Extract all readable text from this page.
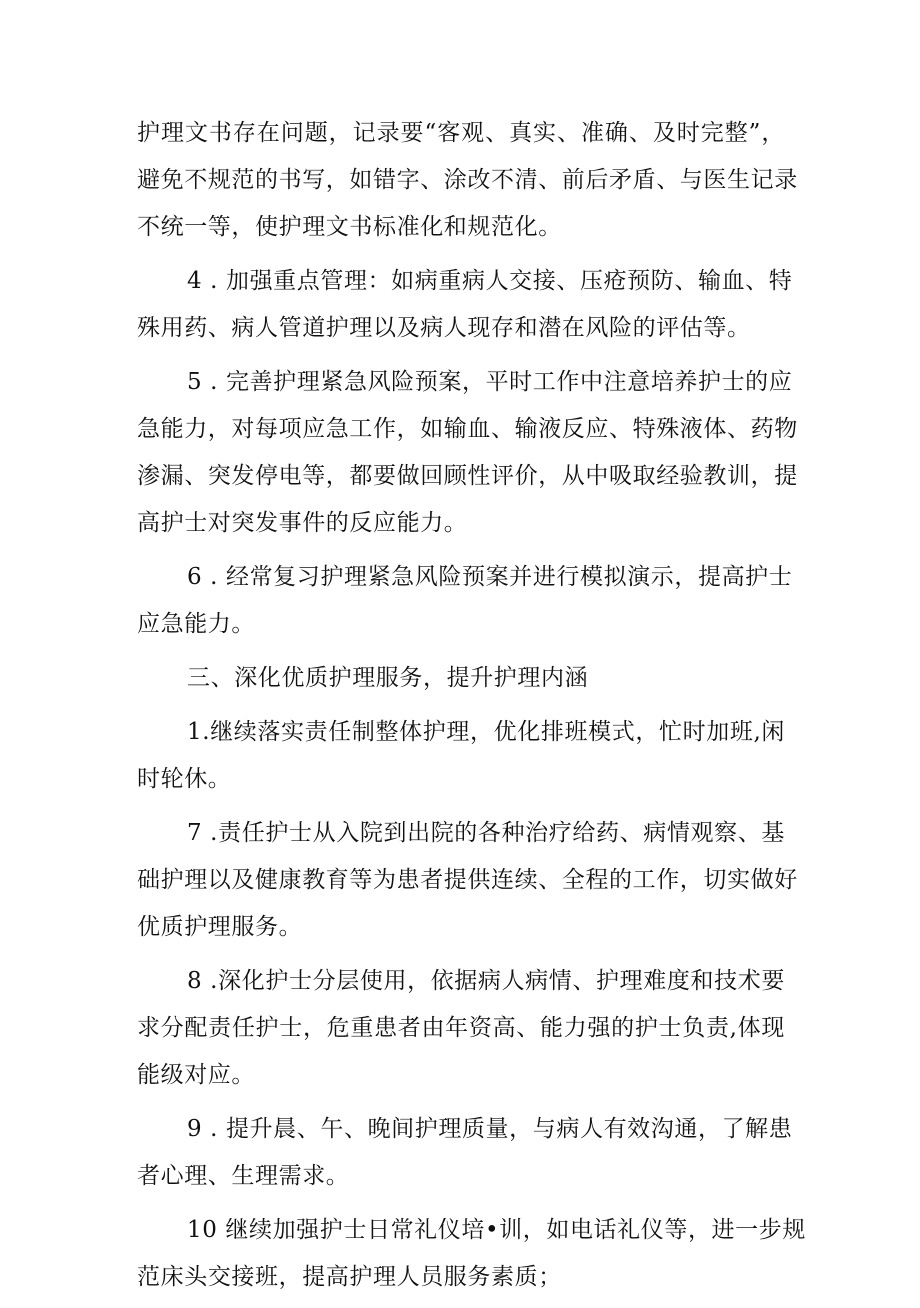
护理文书存在问题，记录要“客观、真实、准确、及时完整”，
避免不规范的书写，如错字、涂改不清、前后矛盾、与医生记录
不统一等，使护理文书标准化和规范化。
4 . 加强重点管理：如病重病人交接、压疮预防、输血、特
殊用药、病人管道护理以及病人现存和潜在风险的评估等。
5 . 完善护理紧急风险预案，平时工作中注意培养护士的应
急能力，对每项应急工作，如输血、输液反应、特殊液体、药物
渗漏、突发停电等，都要做回顾性评价，从中吸取经验教训，提
高护士对突发事件的反应能力。
6 . 经常复习护理紧急风险预案并进行模拟演示，提高护士
应急能力。
三、深化优质护理服务，提升护理内涵
1.继续落实责任制整体护理，优化排班模式，忙时加班,闲
时轮休。
7 .责任护士从入院到出院的各种治疗给药、病情观察、基
础护理以及健康教育等为患者提供连续、全程的工作，切实做好
优质护理服务。
8 .深化护士分层使用，依据病人病情、护理难度和技术要
求分配责任护士，危重患者由年资高、能力强的护士负责,体现
能级对应。
9 . 提升晨、午、晚间护理质量，与病人有效沟通，了解患
者心理、生理需求。
10 继续加强护士日常礼仪培•训，如电话礼仪等，进一步规
范床头交接班，提高护理人员服务素质；
